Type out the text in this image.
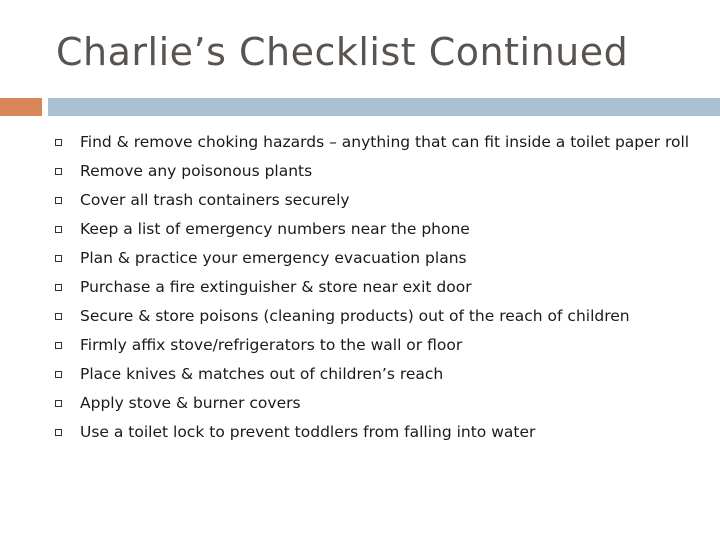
Charlie’s Checklist Continued
Find & remove choking hazards – anything that can fit inside a toilet paper roll
Remove any poisonous plants
Cover all trash containers securely
Keep a list of emergency numbers near the phone
Plan & practice your emergency evacuation plans
Purchase a fire extinguisher & store near exit door
Secure & store poisons (cleaning products) out of the reach of children
Firmly affix stove/refrigerators to the wall or floor
Place knives & matches out of children’s reach
Apply stove & burner covers
Use a toilet lock to prevent toddlers from falling into water
